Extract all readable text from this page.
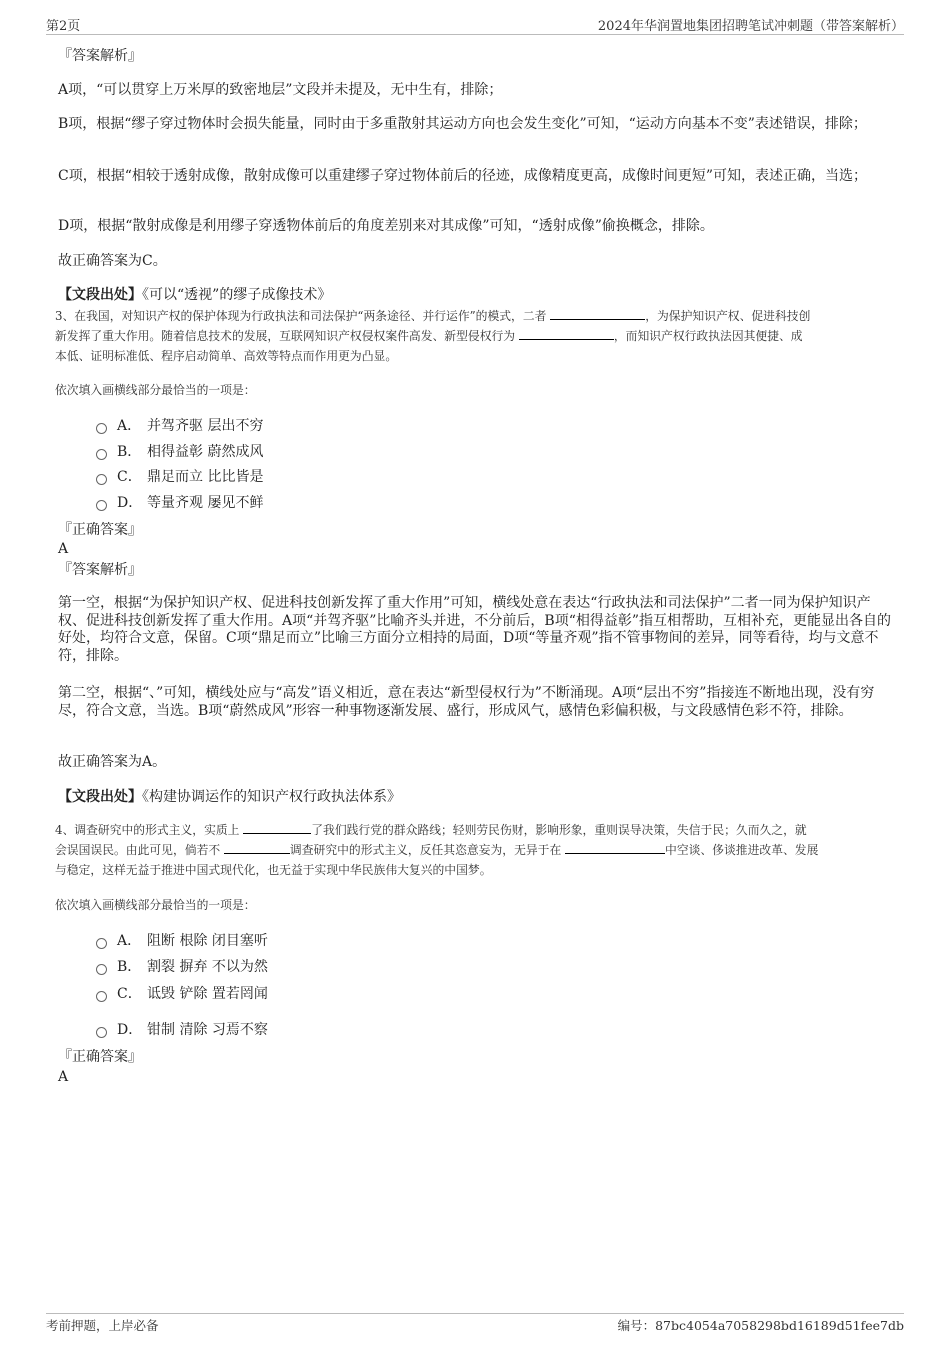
第2页	2024年华润置地集团招聘笔试冲刺题（带答案解析）
『答案解析』
A项，“可以贯穿上万米厚的致密地层”文段并未提及，无中生有，排除；
B项，根据“缪子穿过物体时会损失能量，同时由于多重散射其运动方向也会发生变化”可知，“运动方向基本不变”表述错误，排除；
C项，根据“相较于透射成像，散射成像可以重建缪子穿过物体前后的径迹，成像精度更高，成像时间更短”可知，表述正确，当选；
D项，根据“散射成像是利用缪子穿透物体前后的角度差别来对其成像”可知，“透射成像”偷换概念，排除。
故正确答案为C。
【文段出处】《可以“透视”的缪子成像技术》
3、在我国，对知识产权的保护体现为行政执法和司法保护“两条途径、并行运作”的模式，二者	，为保护知识产权、促进科技创
新发挥了重大作用。随着信息技术的发展，互联网知识产权侵权案件高发、新型侵权行为	，而知识产权行政执法因其便捷、成
本低、证明标准低、程序启动简单、高效等特点而作用更为凸显。
依次填入画横线部分最恰当的一项是：
A． 并驾齐驱 层出不穷
B． 相得益彰 蔚然成风
C． 鼎足而立 比比皆是
D． 等量齐观 屡见不鲜
『正确答案』
A
『答案解析』
第一空，根据“为保护知识产权、促进科技创新发挥了重大作用”可知，横线处意在表达“行政执法和司法保护”二者一同为保护知识产权、促进科技创新发挥了重大作用。A项“并驾齐驱”比喻齐头并进，不分前后，B项“相得益彰”指互相帮助，互相补充，更能显出各自的好处，均符合文意，保留。C项“鼎足而立”比喻三方面分立相持的局面，D项“等量齐观”指不管事物间的差异，同等看待，均与文意不符，排除。
第二空，根据“、”可知，横线处应与“高发”语义相近，意在表达“新型侵权行为”不断涌现。A项“层出不穷”指接连不断地出现，没有穷尽，符合文意，当选。B项“蔚然成风”形容一种事物逐渐发展、盛行，形成风气，感情色彩偏积极，与文段感情色彩不符，排除。
故正确答案为A。
【文段出处】《构建协调运作的知识产权行政执法体系》
4、调查研究中的形式主义，实质上	了我们践行党的群众路线；轻则劳民伤财，影响形象，重则误导决策，失信于民；久而久之，就
会误国误民。由此可见，倘若不	调查研究中的形式主义，反任其恣意妄为，无异于在	中空谈、侈谈推进改革、发展
与稳定，这样无益于推进中国式现代化，也无益于实现中华民族伟大复兴的中国梦。
依次填入画横线部分最恰当的一项是：
A． 阻断 根除 闭目塞听
B． 割裂 摒弃 不以为然
C． 诋毁 铲除 置若罔闻
D． 钳制 清除 习焉不察
『正确答案』
A
考前押题，上岸必备	编号：87bc4054a7058298bd16189d51fee7db
